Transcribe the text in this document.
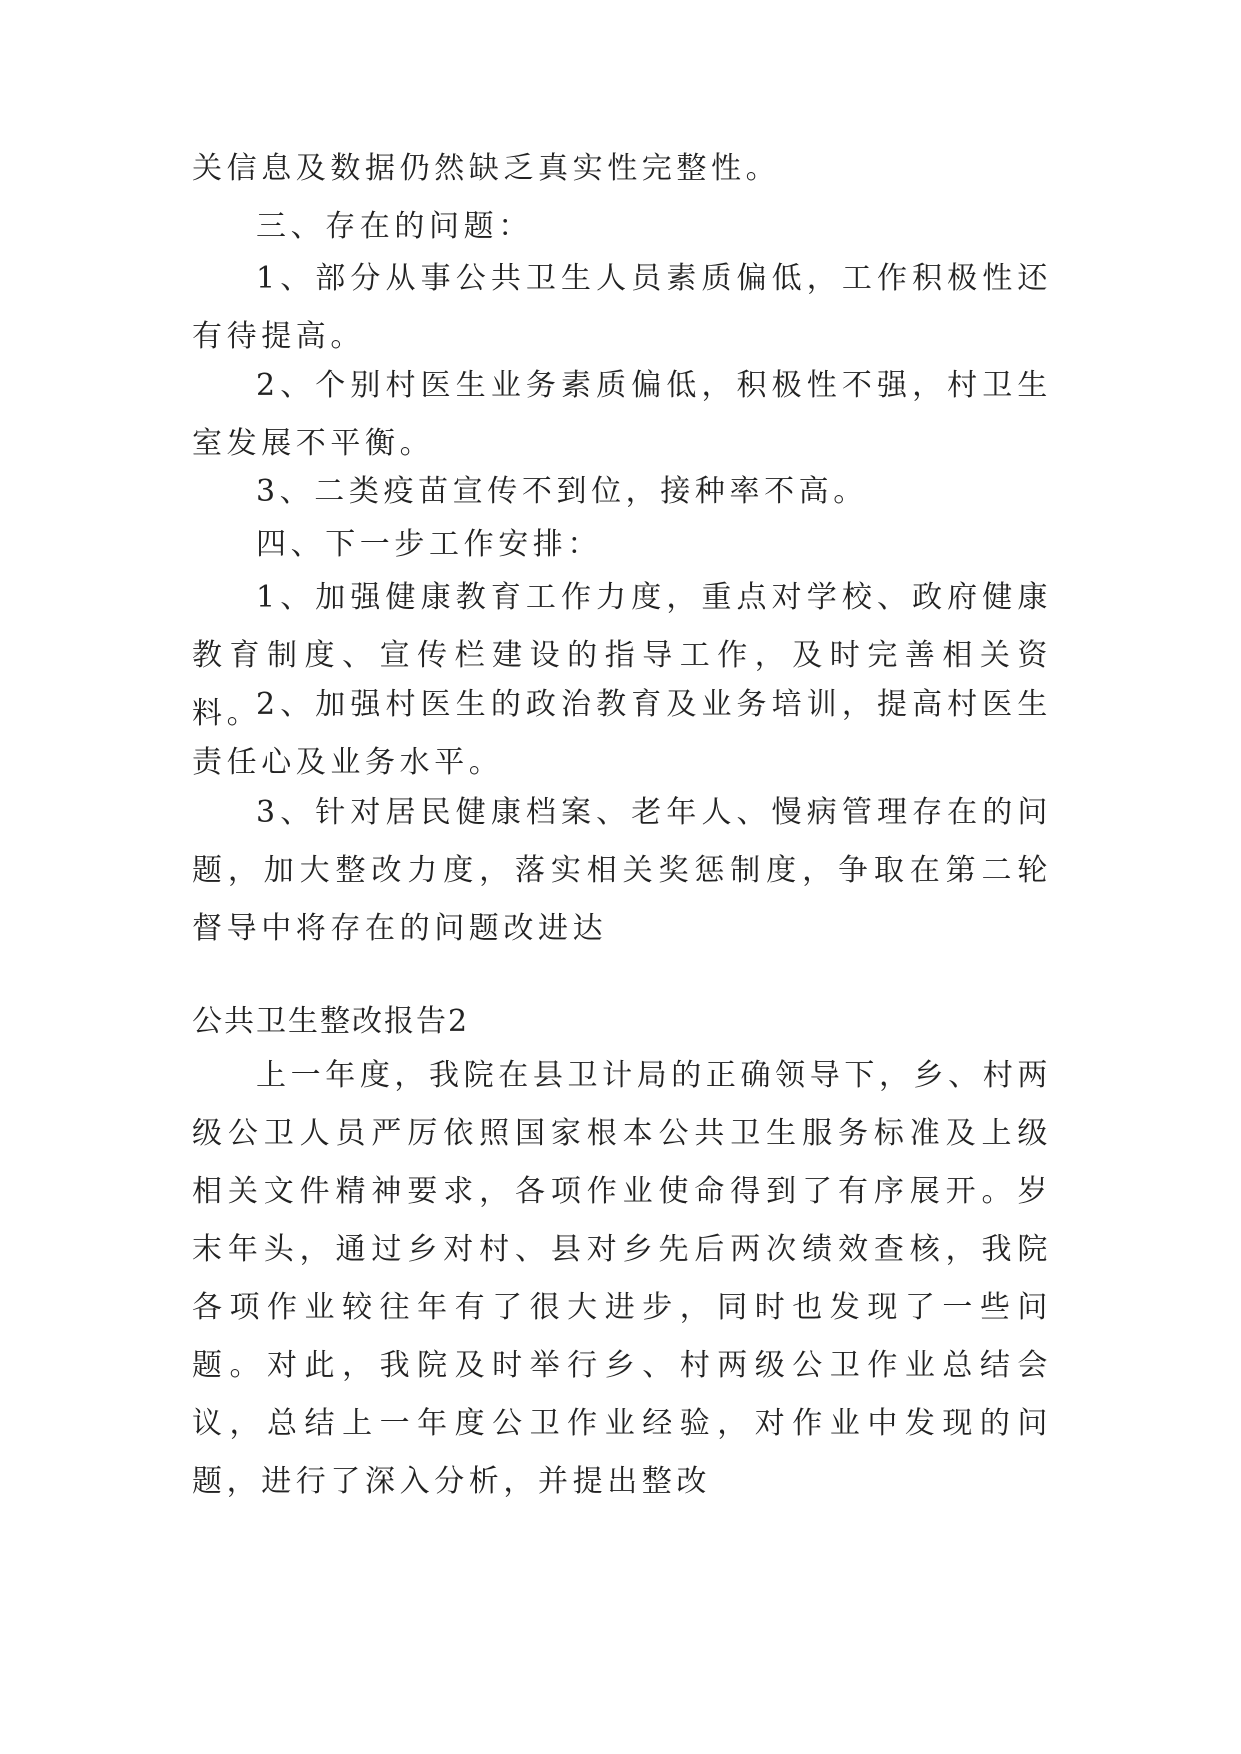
关信息及数据仍然缺乏真实性完整性。
三、存在的问题：
1、部分从事公共卫生人员素质偏低，工作积极性还有待提高。
2、个别村医生业务素质偏低，积极性不强，村卫生室发展不平衡。
3、二类疫苗宣传不到位，接种率不高。
四、下一步工作安排：
1、加强健康教育工作力度，重点对学校、政府健康教育制度、宣传栏建设的指导工作，及时完善相关资料。
2、加强村医生的政治教育及业务培训，提高村医生责任心及业务水平。
3、针对居民健康档案、老年人、慢病管理存在的问题，加大整改力度，落实相关奖惩制度，争取在第二轮督导中将存在的问题改进达
公共卫生整改报告2
上一年度，我院在县卫计局的正确领导下，乡、村两级公卫人员严厉依照国家根本公共卫生服务标准及上级相关文件精神要求，各项作业使命得到了有序展开。岁末年头，通过乡对村、县对乡先后两次绩效查核，我院各项作业较往年有了很大进步，同时也发现了一些问题。对此，我院及时举行乡、村两级公卫作业总结会议，总结上一年度公卫作业经验，对作业中发现的问题，进行了深入分析，并提出整改
